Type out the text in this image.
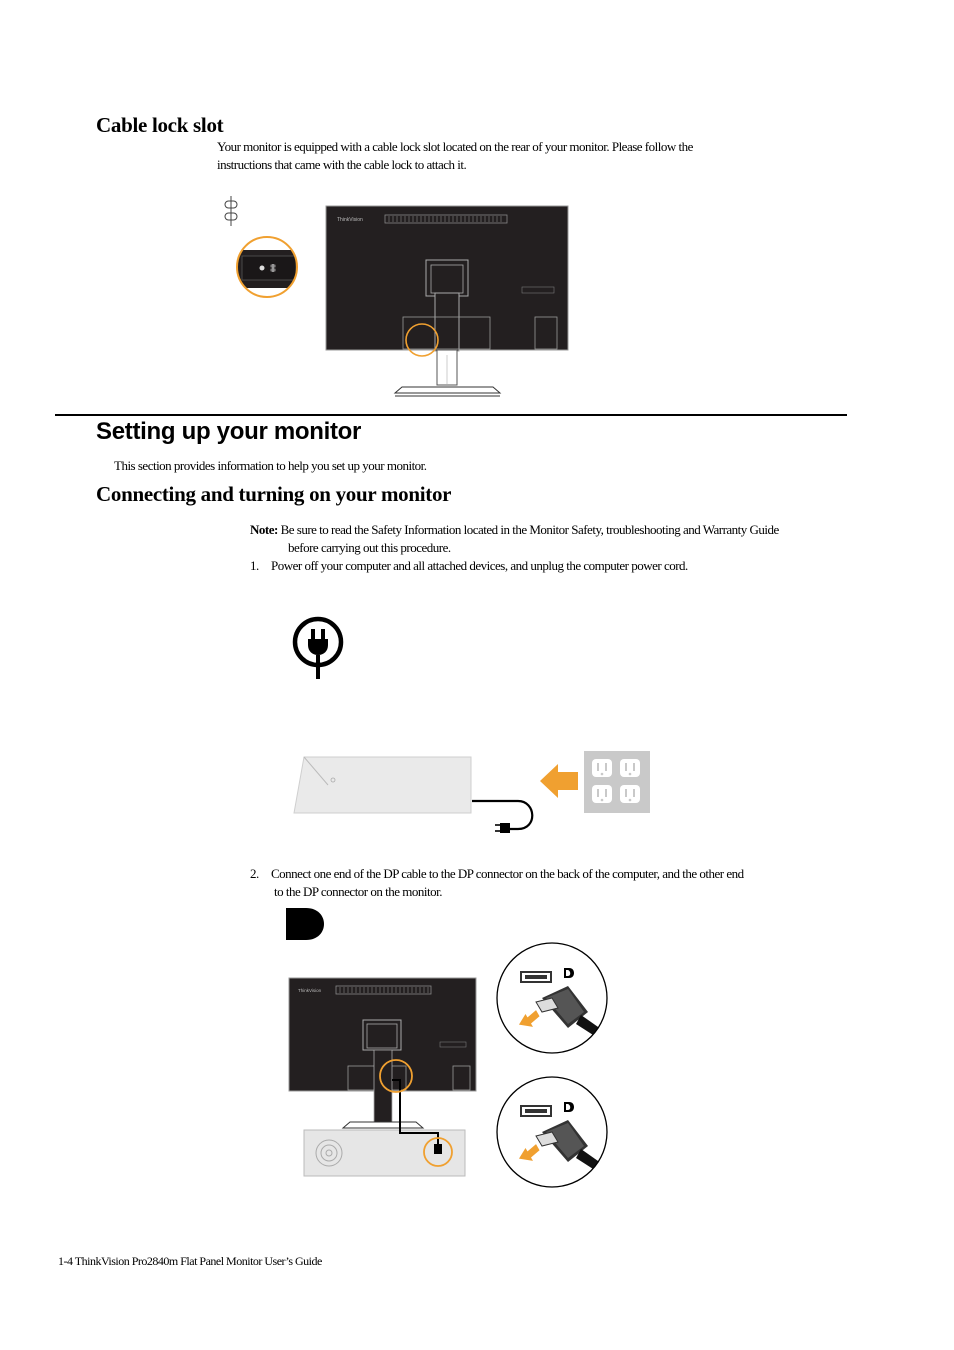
Cable lock slot
Your monitor is equipped with a cable lock slot located on the rear of your monitor. Please follow the
instructions that came with the cable lock to attach it.
ThinkVision
Setting up your monitor
This section provides information to help you set up your monitor.
Connecting and turning on your monitor
Note: Be sure to read the Safety Information located in the Monitor Safety, troubleshooting and Warranty Guide
before carrying out this procedure.
1. Power off your computer and all attached devices, and unplug the computer power cord.
2. Connect one end of the DP cable to the DP connector on the back of the computer, and the other end
to the DP connector on the monitor.
ThinkVision
1-4 ThinkVision Pro2840m Flat Panel Monitor User’s Guide
